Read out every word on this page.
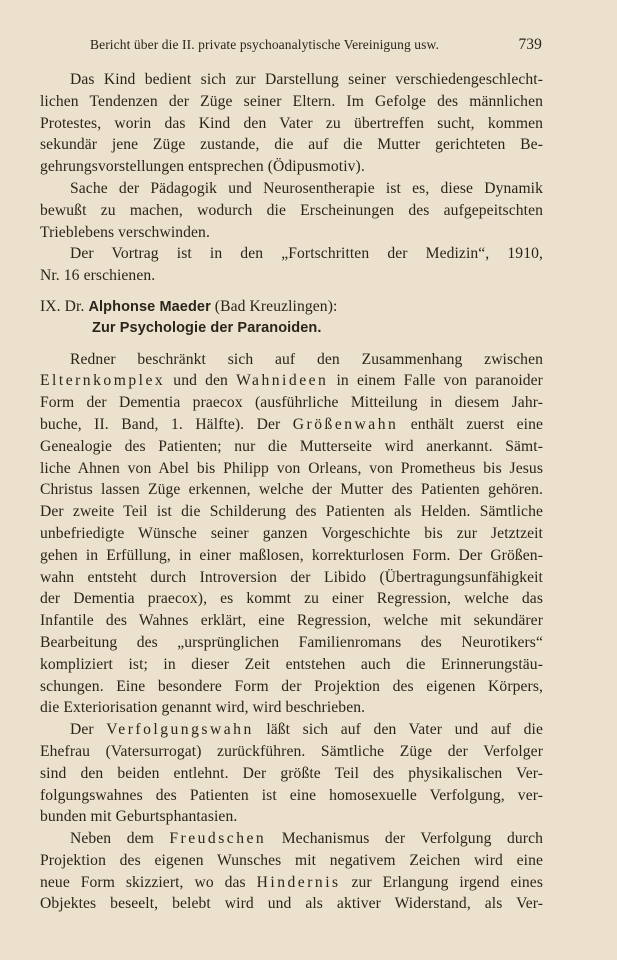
Bericht über die II. private psychoanalytische Vereinigung usw.	739
Das Kind bedient sich zur Darstellung seiner verschiedengeschlecht-
lichen Tendenzen der Züge seiner Eltern. Im Gefolge des männlichen
Protestes, worin das Kind den Vater zu übertreffen sucht, kommen
sekundär jene Züge zustande, die auf die Mutter gerichteten Be-
gehrungsvorstellungen entsprechen (Ödipusmotiv).
Sache der Pädagogik und Neurosentherapie ist es, diese Dynamik
bewußt zu machen, wodurch die Erscheinungen des aufgepeitschten
Trieblebens verschwinden.
Der Vortrag ist in den „Fortschritten der Medizin“, 1910,
Nr. 16 erschienen.
IX. Dr. Alphonse Maeder (Bad Kreuzlingen):
Zur Psychologie der Paranoiden.
Redner beschränkt sich auf den Zusammenhang zwischen
Elternkomplex und den Wahnideen in einem Falle von paranoider
Form der Dementia praecox (ausführliche Mitteilung in diesem Jahr-
buche, II. Band, 1. Hälfte). Der Größenwahn enthält zuerst eine
Genealogie des Patienten; nur die Mutterseite wird anerkannt. Sämt-
liche Ahnen von Abel bis Philipp von Orleans, von Prometheus bis Jesus
Christus lassen Züge erkennen, welche der Mutter des Patienten gehören.
Der zweite Teil ist die Schilderung des Patienten als Helden. Sämtliche
unbefriedigte Wünsche seiner ganzen Vorgeschichte bis zur Jetztzeit
gehen in Erfüllung, in einer maßlosen, korrekturlosen Form. Der Größen-
wahn entsteht durch Introversion der Libido (Übertragungsunfähigkeit
der Dementia praecox), es kommt zu einer Regression, welche das
Infantile des Wahnes erklärt, eine Regression, welche mit sekundärer
Bearbeitung des „ursprünglichen Familienromans des Neurotikers“
kompliziert ist; in dieser Zeit entstehen auch die Erinnerungstäu-
schungen. Eine besondere Form der Projektion des eigenen Körpers,
die Exteriorisation genannt wird, wird beschrieben.
Der Verfolgungswahn läßt sich auf den Vater und auf die
Ehefrau (Vatersurrogat) zurückführen. Sämtliche Züge der Verfolger
sind den beiden entlehnt. Der größte Teil des physikalischen Ver-
folgungswahnes des Patienten ist eine homosexuelle Verfolgung, ver-
bunden mit Geburtsphantasien.
Neben dem Freudschen Mechanismus der Verfolgung durch
Projektion des eigenen Wunsches mit negativem Zeichen wird eine
neue Form skizziert, wo das Hindernis zur Erlangung irgend eines
Objektes beseelt, belebt wird und als aktiver Widerstand, als Ver-
